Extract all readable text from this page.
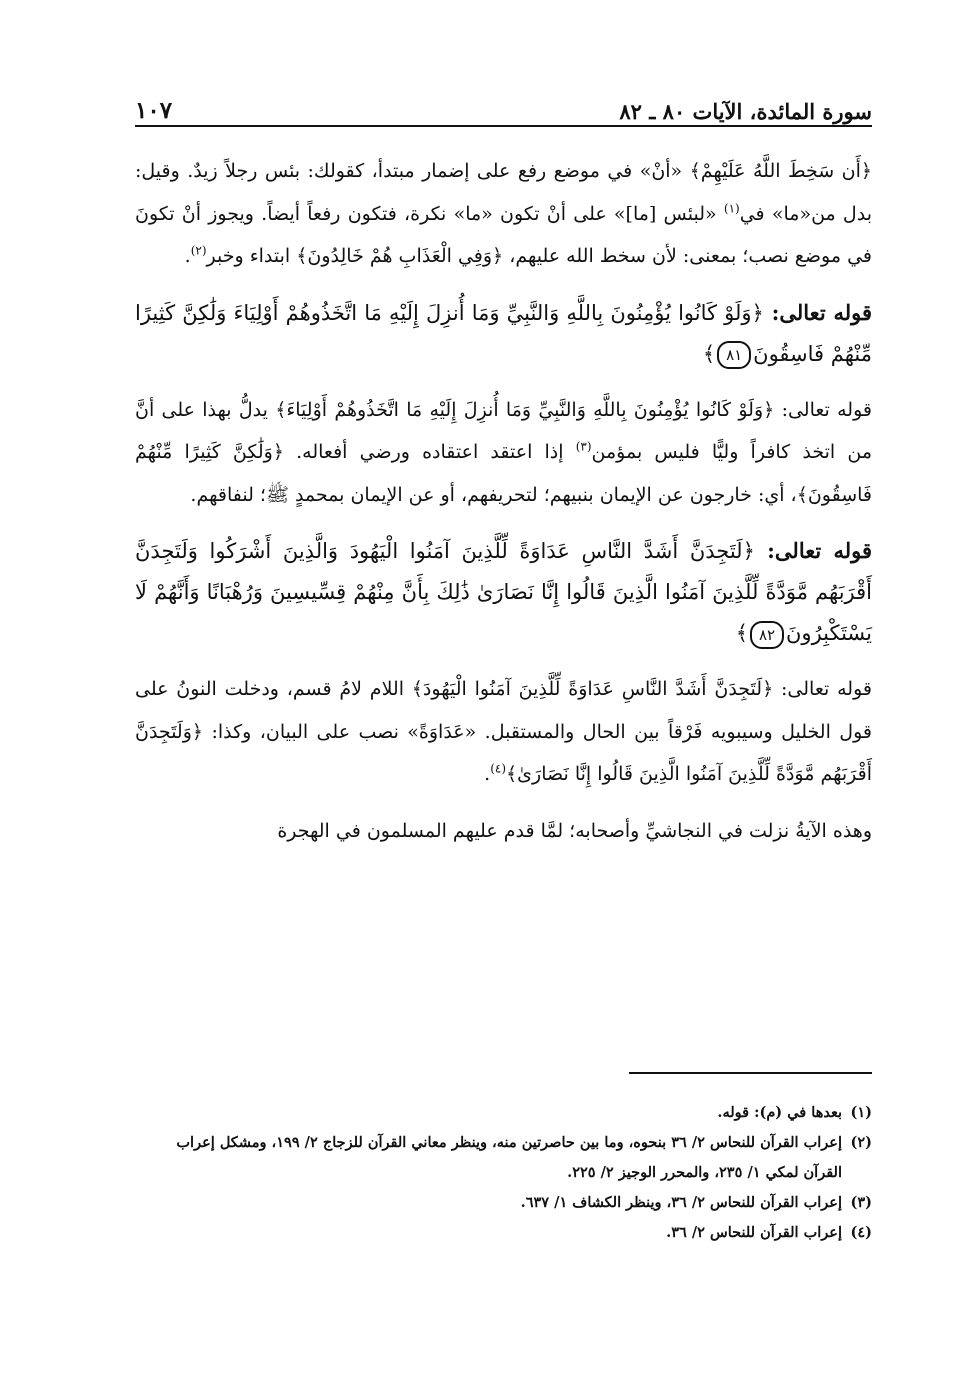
سورة المائدة، الآيات ٨٠ ـ ٨٢
١٠٧

﴿أَن سَخِطَ اللَّهُ عَلَيْهِمْ﴾ «أنْ» في موضع رفع على إضمار مبتدأ، كقولك: بئس رجلاً زيدٌ. وقيل: بدل من«ما» في$^{(١)}$ «لبئس [ما]» على أنْ تكون «ما» نكرة، فتكون رفعاً أيضاً. ويجوز أنْ تكونَ في موضع نصب؛ بمعنى: لأن سخط الله عليهم، ﴿وَفِي الْعَذَابِ هُمْ خَالِدُونَ﴾ ابتداء وخبر$^{(٢)}$.

قوله تعالى: ﴿وَلَوْ كَانُوا يُؤْمِنُونَ بِاللَّهِ وَالنَّبِيِّ وَمَا أُنزِلَ إِلَيْهِ مَا اتَّخَذُوهُمْ أَوْلِيَاءَ وَلَٰكِنَّ كَثِيرًا مِّنْهُمْ فَاسِقُونَ٨١﴾

قوله تعالى: ﴿وَلَوْ كَانُوا يُؤْمِنُونَ بِاللَّهِ وَالنَّبِيِّ وَمَا أُنزِلَ إِلَيْهِ مَا اتَّخَذُوهُمْ أَوْلِيَاءَ﴾ يدلُّ بهذا على أنَّ من اتخذ كافراً وليًّا فليس بمؤمن$^{(٣)}$ إذا اعتقد اعتقاده ورضي أفعاله. ﴿وَلَٰكِنَّ كَثِيرًا مِّنْهُمْ فَاسِقُونَ﴾، أي: خارجون عن الإيمان بنبيهم؛ لتحريفهم، أو عن الإيمان بمحمدٍ ﷺ؛ لنفاقهم.

قوله تعالى: ﴿لَتَجِدَنَّ أَشَدَّ النَّاسِ عَدَاوَةً لِّلَّذِينَ آمَنُوا الْيَهُودَ وَالَّذِينَ أَشْرَكُوا وَلَتَجِدَنَّ أَقْرَبَهُم مَّوَدَّةً لِّلَّذِينَ آمَنُوا الَّذِينَ قَالُوا إِنَّا نَصَارَىٰ ذَٰلِكَ بِأَنَّ مِنْهُمْ قِسِّيسِينَ وَرُهْبَانًا وَأَنَّهُمْ لَا يَسْتَكْبِرُونَ٨٢﴾

قوله تعالى: ﴿لَتَجِدَنَّ أَشَدَّ النَّاسِ عَدَاوَةً لِّلَّذِينَ آمَنُوا الْيَهُودَ﴾ اللام لامُ قسم، ودخلت النونُ على قول الخليل وسيبويه فَرْقاً بين الحال والمستقبل. «عَدَاوَةً» نصب على البيان، وكذا: ﴿وَلَتَجِدَنَّ أَقْرَبَهُم مَّوَدَّةً لِّلَّذِينَ آمَنُوا الَّذِينَ قَالُوا إِنَّا نَصَارَىٰ﴾$^{(٤)}$.

وهذه الآيةُ نزلت في النجاشيِّ وأصحابه؛ لمَّا قدم عليهم المسلمون في الهجرة

(١)بعدها في (م): قوله.

(٢)إعراب القرآن للنحاس ٢/ ٣٦ بنحوه، وما بين حاصرتين منه، وينظر معاني القرآن للزجاج ٢/ ١٩٩، ومشكل إعراب القرآن لمكي ١/ ٢٣٥، والمحرر الوجيز ٢/ ٢٢٥.

(٣)إعراب القرآن للنحاس ٢/ ٣٦، وينظر الكشاف ١/ ٦٣٧.

(٤)إعراب القرآن للنحاس ٢/ ٣٦.
